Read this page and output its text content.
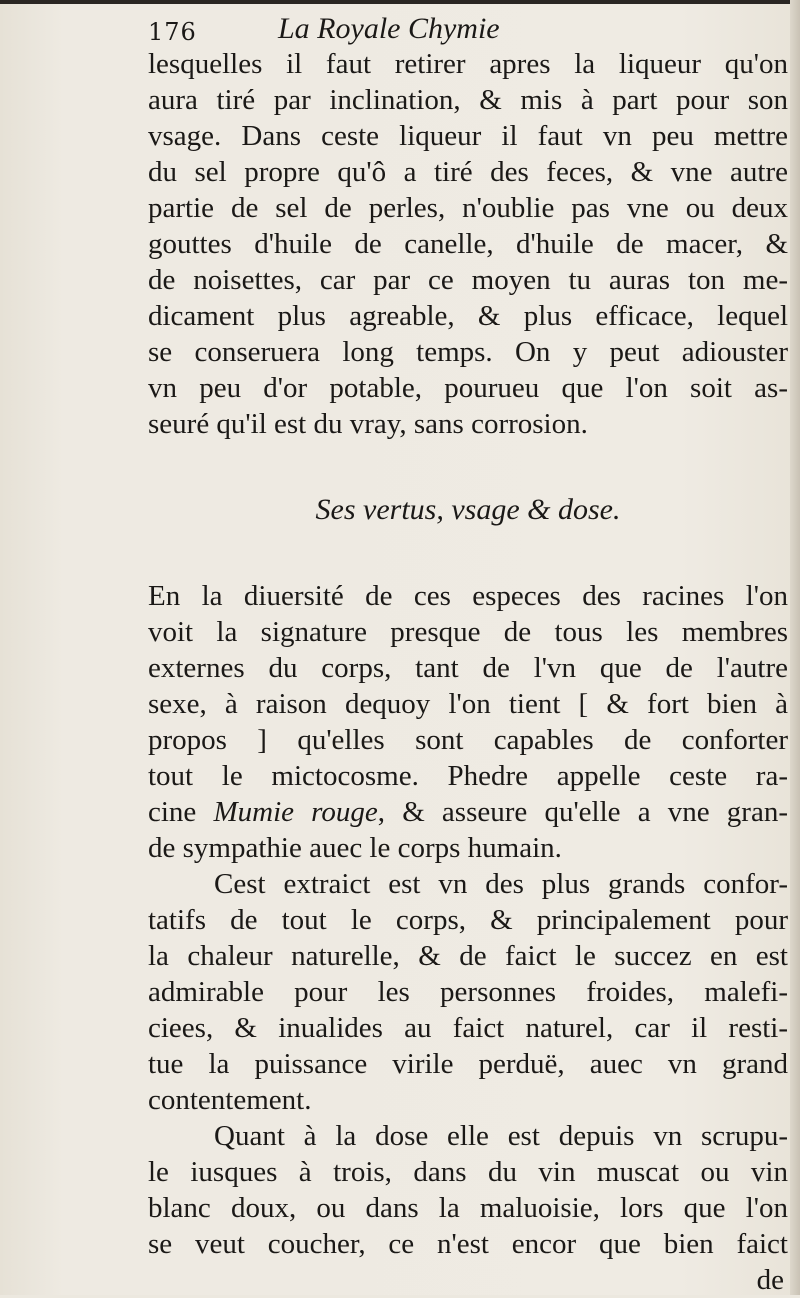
176	La Royale Chymie
lesquelles il faut retirer apres la liqueur qu'on
aura tiré par inclination, & mis à part pour son
vsage. Dans ceste liqueur il faut vn peu mettre
du sel propre qu'ô a tiré des feces, & vne autre
partie de sel de perles, n'oublie pas vne ou deux
gouttes d'huile de canelle, d'huile de macer, &
de noisettes, car par ce moyen tu auras ton me-
dicament plus agreable, & plus efficace, lequel
se conseruera long temps. On y peut adiouster
vn peu d'or potable, pourueu que l'on soit as-
seuré qu'il est du vray, sans corrosion.
Ses vertus, vsage & dose.
En la diuersité de ces especes des racines l'on
voit la signature presque de tous les membres
externes du corps, tant de l'vn que de l'autre
sexe, à raison dequoy l'on tient [ & fort bien à
propos ] qu'elles sont capables de conforter
tout le mictocosme. Phedre appelle ceste ra-
cine Mumie rouge, & asseure qu'elle a vne gran-
de sympathie auec le corps humain.
Cest extraict est vn des plus grands confor-
tatifs de tout le corps, & principalement pour
la chaleur naturelle, & de faict le succez en est
admirable pour les personnes froides, malefi-
ciees, & inualides au faict naturel, car il resti-
tue la puissance virile perduë, auec vn grand
contentement.
Quant à la dose elle est depuis vn scrupu-
le iusques à trois, dans du vin muscat ou vin
blanc doux, ou dans la maluoisie, lors que l'on
se veut coucher, ce n'est encor que bien faict
de
